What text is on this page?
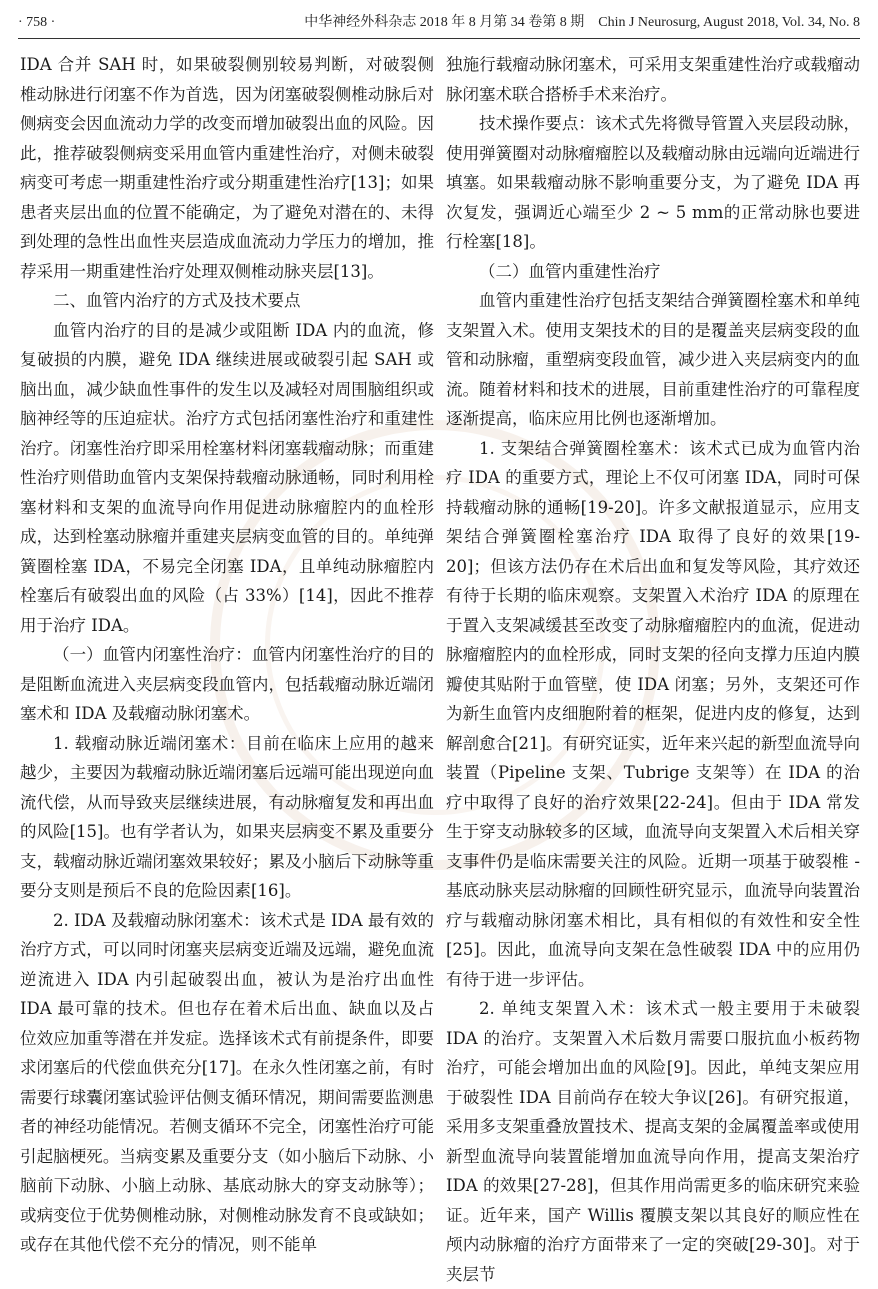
· 758 ·	中华神经外科杂志 2018 年 8 月第 34 卷第 8 期　Chin J Neurosurg, August 2018, Vol. 34, No. 8

IDA 合并 SAH 时，如果破裂侧别较易判断，对破裂侧椎动脉进行闭塞不作为首选，因为闭塞破裂侧椎动脉后对侧病变会因血流动力学的改变而增加破裂出血的风险。因此，推荐破裂侧病变采用血管内重建性治疗，对侧未破裂病变可考虑一期重建性治疗或分期重建性治疗[13]；如果患者夹层出血的位置不能确定，为了避免对潜在的、未得到处理的急性出血性夹层造成血流动力学压力的增加，推荐采用一期重建性治疗处理双侧椎动脉夹层[13]。

二、血管内治疗的方式及技术要点

血管内治疗的目的是减少或阻断 IDA 内的血流，修复破损的内膜，避免 IDA 继续进展或破裂引起 SAH 或脑出血，减少缺血性事件的发生以及减轻对周围脑组织或脑神经等的压迫症状。治疗方式包括闭塞性治疗和重建性治疗。闭塞性治疗即采用栓塞材料闭塞载瘤动脉；而重建性治疗则借助血管内支架保持载瘤动脉通畅，同时利用栓塞材料和支架的血流导向作用促进动脉瘤腔内的血栓形成，达到栓塞动脉瘤并重建夹层病变血管的目的。单纯弹簧圈栓塞 IDA，不易完全闭塞 IDA，且单纯动脉瘤腔内栓塞后有破裂出血的风险（占 33%）[14]，因此不推荐用于治疗 IDA。

（一）血管内闭塞性治疗：血管内闭塞性治疗的目的是阻断血流进入夹层病变段血管内，包括载瘤动脉近端闭塞术和 IDA 及载瘤动脉闭塞术。

1. 载瘤动脉近端闭塞术：目前在临床上应用的越来越少，主要因为载瘤动脉近端闭塞后远端可能出现逆向血流代偿，从而导致夹层继续进展，有动脉瘤复发和再出血的风险[15]。也有学者认为，如果夹层病变不累及重要分支，载瘤动脉近端闭塞效果较好；累及小脑后下动脉等重要分支则是预后不良的危险因素[16]。

2. IDA 及载瘤动脉闭塞术：该术式是 IDA 最有效的治疗方式，可以同时闭塞夹层病变近端及远端，避免血流逆流进入 IDA 内引起破裂出血，被认为是治疗出血性 IDA 最可靠的技术。但也存在着术后出血、缺血以及占位效应加重等潜在并发症。选择该术式有前提条件，即要求闭塞后的代偿血供充分[17]。在永久性闭塞之前，有时需要行球囊闭塞试验评估侧支循环情况，期间需要监测患者的神经功能情况。若侧支循环不完全，闭塞性治疗可能引起脑梗死。当病变累及重要分支（如小脑后下动脉、小脑前下动脉、小脑上动脉、基底动脉大的穿支动脉等）；或病变位于优势侧椎动脉，对侧椎动脉发育不良或缺如；或存在其他代偿不充分的情况，则不能单

独施行载瘤动脉闭塞术，可采用支架重建性治疗或载瘤动脉闭塞术联合搭桥手术来治疗。

技术操作要点：该术式先将微导管置入夹层段动脉，使用弹簧圈对动脉瘤瘤腔以及载瘤动脉由远端向近端进行填塞。如果载瘤动脉不影响重要分支，为了避免 IDA 再次复发，强调近心端至少 2 ~ 5 mm的正常动脉也要进行栓塞[18]。

（二）血管内重建性治疗

血管内重建性治疗包括支架结合弹簧圈栓塞术和单纯支架置入术。使用支架技术的目的是覆盖夹层病变段的血管和动脉瘤，重塑病变段血管，减少进入夹层病变内的血流。随着材料和技术的进展，目前重建性治疗的可靠程度逐渐提高，临床应用比例也逐渐增加。

1. 支架结合弹簧圈栓塞术：该术式已成为血管内治疗 IDA 的重要方式，理论上不仅可闭塞 IDA，同时可保持载瘤动脉的通畅[19-20]。许多文献报道显示，应用支架结合弹簧圈栓塞治疗 IDA 取得了良好的效果[19-20]；但该方法仍存在术后出血和复发等风险，其疗效还有待于长期的临床观察。支架置入术治疗 IDA 的原理在于置入支架减缓甚至改变了动脉瘤瘤腔内的血流，促进动脉瘤瘤腔内的血栓形成，同时支架的径向支撑力压迫内膜瓣使其贴附于血管壁，使 IDA 闭塞；另外，支架还可作为新生血管内皮细胞附着的框架，促进内皮的修复，达到解剖愈合[21]。有研究证实，近年来兴起的新型血流导向装置（Pipeline 支架、Tubrige 支架等）在 IDA 的治疗中取得了良好的治疗效果[22-24]。但由于 IDA 常发生于穿支动脉较多的区域，血流导向支架置入术后相关穿支事件仍是临床需要关注的风险。近期一项基于破裂椎 - 基底动脉夹层动脉瘤的回顾性研究显示，血流导向装置治疗与载瘤动脉闭塞术相比，具有相似的有效性和安全性[25]。因此，血流导向支架在急性破裂 IDA 中的应用仍有待于进一步评估。

2. 单纯支架置入术：该术式一般主要用于未破裂 IDA 的治疗。支架置入术后数月需要口服抗血小板药物治疗，可能会增加出血的风险[9]。因此，单纯支架应用于破裂性 IDA 目前尚存在较大争议[26]。有研究报道，采用多支架重叠放置技术、提高支架的金属覆盖率或使用新型血流导向装置能增加血流导向作用，提高支架治疗 IDA 的效果[27-28]，但其作用尚需更多的临床研究来验证。近年来，国产 Willis 覆膜支架以其良好的顺应性在颅内动脉瘤的治疗方面带来了一定的突破[29-30]。对于夹层节
